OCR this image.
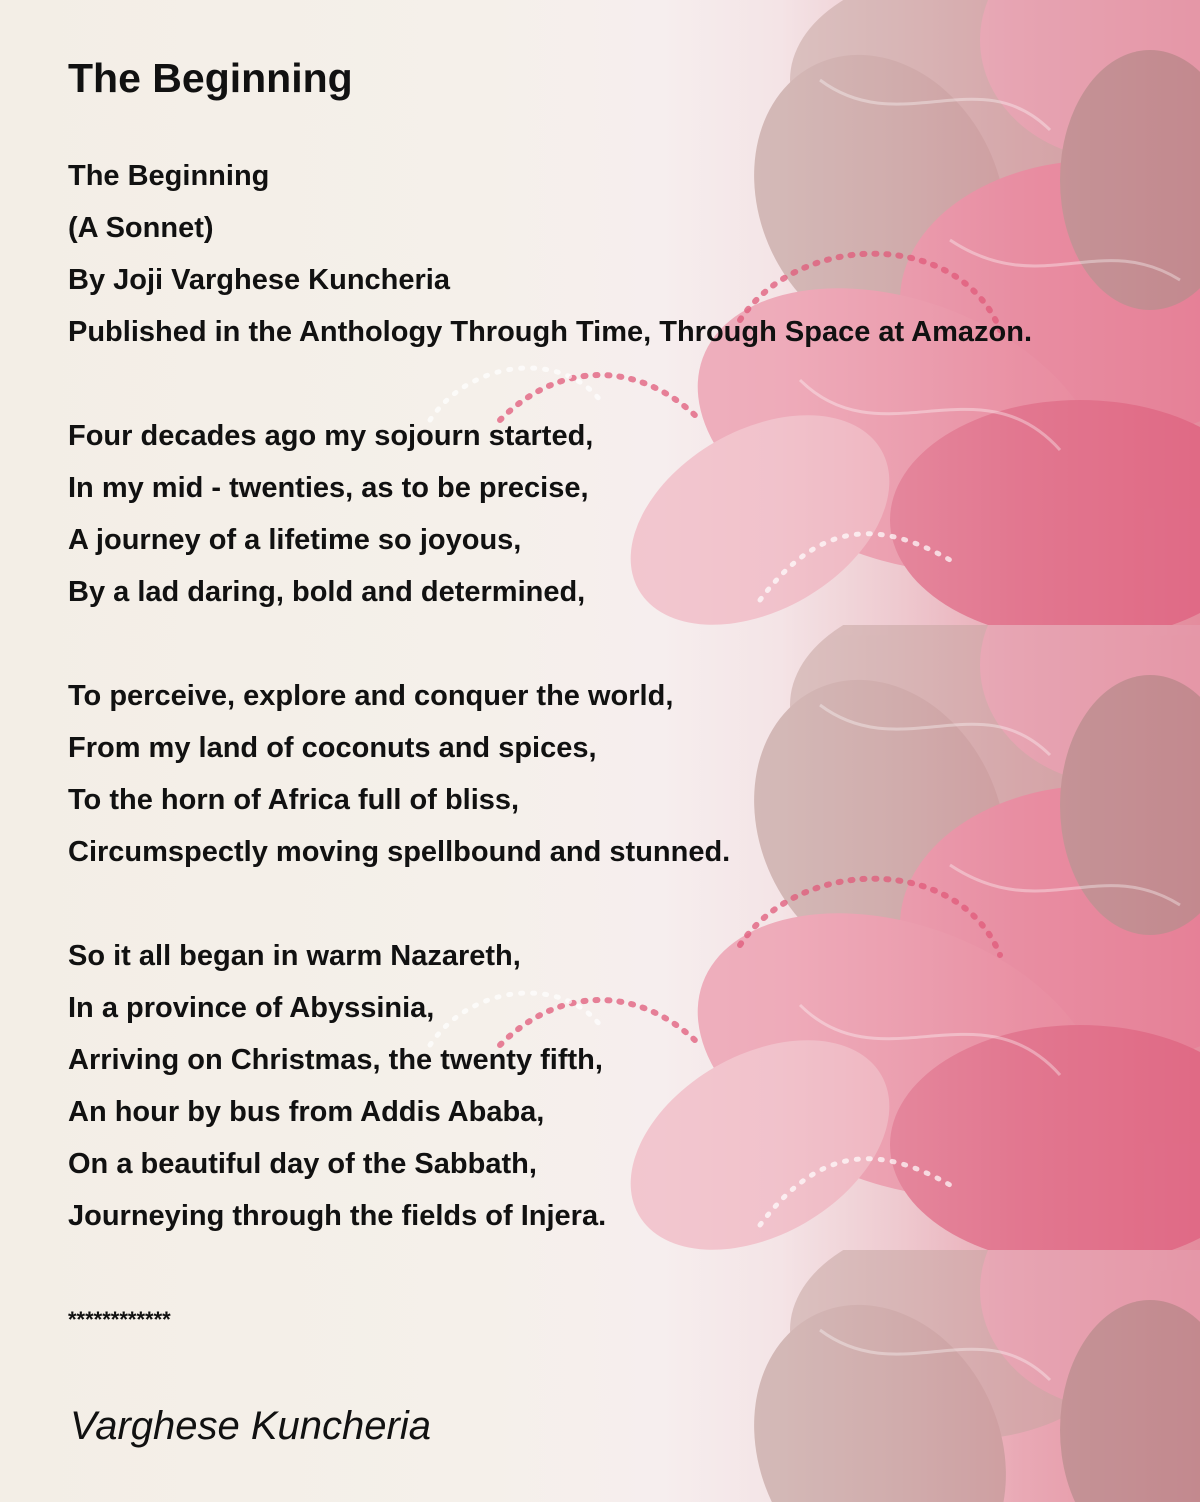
The Beginning
The Beginning
(A Sonnet)
By Joji Varghese Kuncheria
Published in the Anthology Through Time, Through Space at Amazon.
Four decades ago my sojourn started,
In my mid - twenties, as to be precise,
A journey of a lifetime so joyous,
By a lad daring, bold and determined,
To perceive, explore and conquer the world,
From my land of coconuts and spices,
To the horn of Africa full of bliss,
Circumspectly moving spellbound and stunned.
So it all began in warm Nazareth,
In a province of Abyssinia,
Arriving on Christmas, the twenty fifth,
An hour by bus from Addis Ababa,
On a beautiful day of the Sabbath,
Journeying through the fields of Injera.
************
Varghese Kuncheria
